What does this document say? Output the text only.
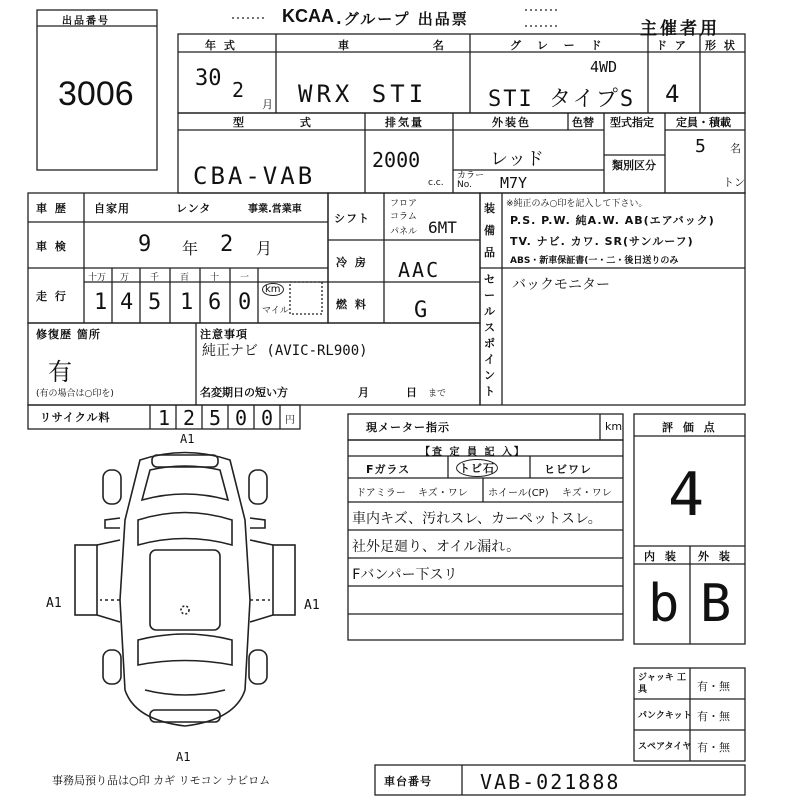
出品番号
3006
KCAA .グループ 出品票	主催者用
年 式
30 2
月
車 名
WRX STI
グ レ ー ド
4WD
STI タイプS
ド ア
4
形 状
型 式
CBA-VAB
排気量
2000
c.c.
外装色	色替
レッド
カラー No.	M7Y
型式指定
類別区分
定員・積載
5 名
トン
車 歴 自家用	レンタ	事業.営業車
車 検	9 年 2 月
走 行
十万 万 千 百 十 一
1 4 5 1 6 0
km
マイル
シフト
フロア
コラム
パネル 6MT
冷 房 AAC
燃 料 G
装備品
※純正のみ○印を記入して下さい。
P.S. P.W. 純A.W. AB(エアバック)
TV. ナビ. カワ. SR(サンルーフ)
ABS・新車保証書(一・二・後日送りのみ
セールスポイント
バックモニター
修復歴 箇所
有
(有の場合は○印を)
注意事項
純正ナビ (AVIC-RL900)
名変期日の短い方	月	日 まで
リサイクル料 1 2 5 0 0 円
A1
A1	A1
A1
現メーター指示	km
【査 定 員 記 入】
Fガラス	トビ石	ヒビワレ
ドアミラー キズ・ワレ ホイール(CP) キズ・ワレ
車内キズ、汚れスレ、カーペットスレ。
社外足廻り、オイル漏れ。
Fバンパー下スリ
評 価 点
4
内 装 外 装
b B
ジャッキ 工 具	有・無
パンクキット 有・無
スペアタイヤ 有・無
事務局預り品は○印 カギ リモコン ナビロム	車台番号 VAB-021888
